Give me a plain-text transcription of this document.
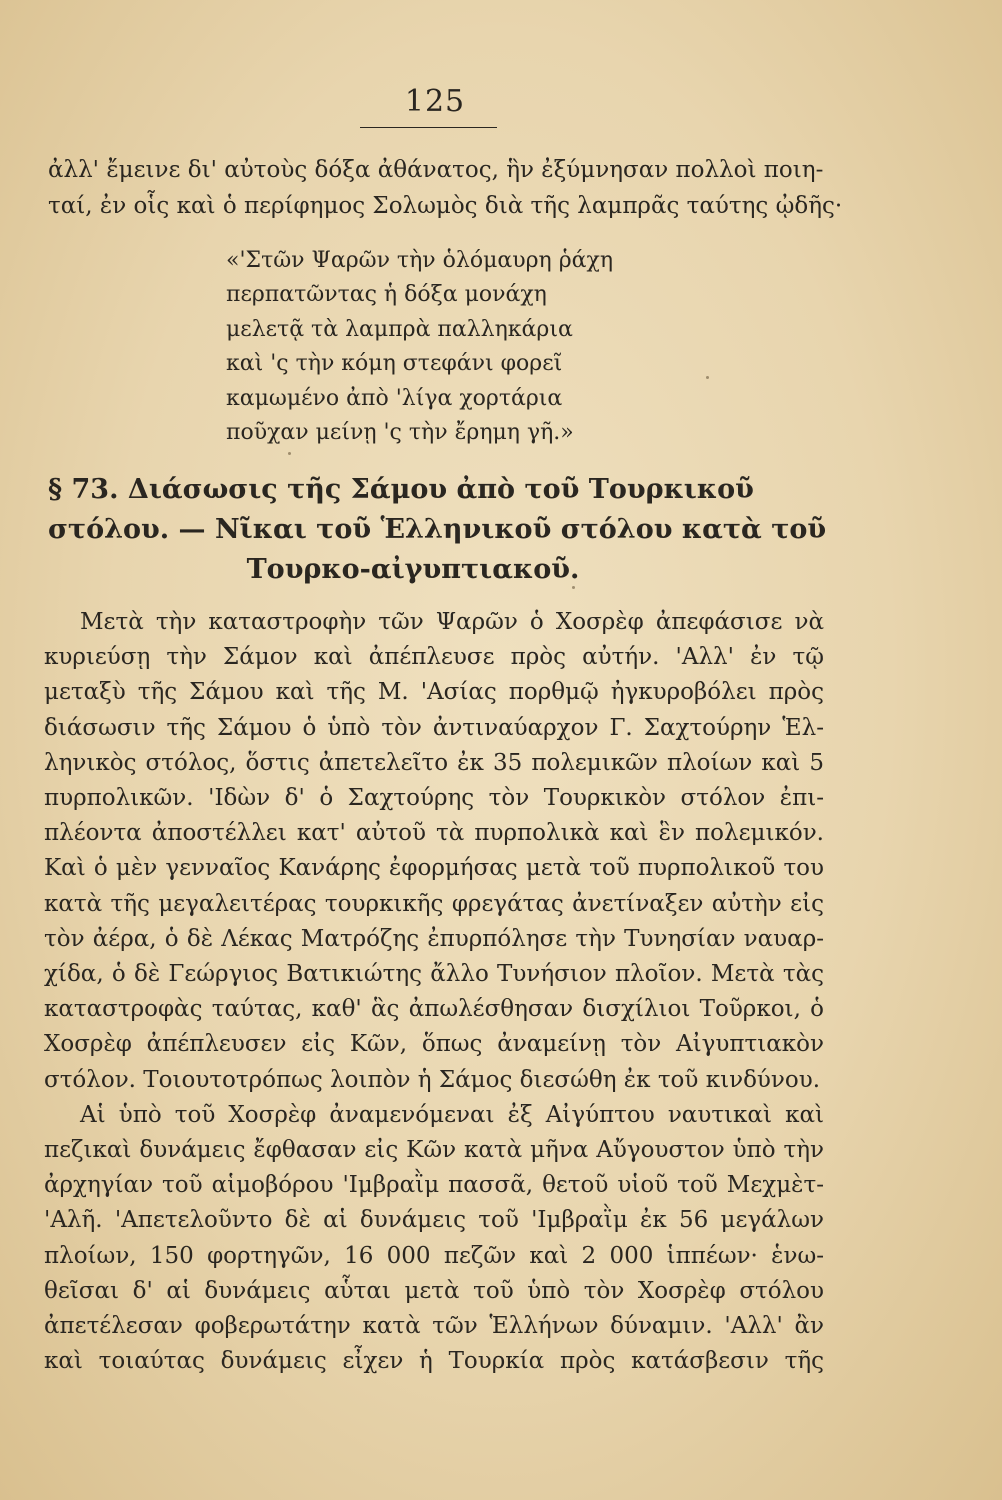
125
ἀλλ' ἔμεινε δι' αὐτοὺς δόξα ἀθάνατος, ἣν ἐξύμνησαν πολλοὶ ποιη-
ταί, ἐν οἷς καὶ ὁ περίφημος Σολωμὸς διὰ τῆς λαμπρᾶς ταύτης ᾠδῆς·
«'Στῶν Ψαρῶν τὴν ὁλόμαυρη ῥάχη
περπατῶντας ἡ δόξα μονάχη
μελετᾷ τὰ λαμπρὰ παλληκάρια
καὶ 'ς τὴν κόμη στεφάνι φορεῖ
καμωμένο ἀπὸ 'λίγα χορτάρια
ποῦχαν μείνῃ 'ς τὴν ἔρημη γῆ.»
§ 73. Διάσωσις τῆς Σάμου ἀπὸ τοῦ Τουρκικοῦ
στόλου. — Νῖκαι τοῦ Ἑλληνικοῦ στόλου κατὰ τοῦ
Τουρκο-αἰγυπτιακοῦ.
Μετὰ τὴν καταστροφὴν τῶν Ψαρῶν ὁ Χοσρὲφ ἀπεφάσισε νὰ
κυριεύσῃ τὴν Σάμον καὶ ἀπέπλευσε πρὸς αὐτήν. 'Αλλ' ἐν τῷ
μεταξὺ τῆς Σάμου καὶ τῆς Μ. 'Ασίας πορθμῷ ἠγκυροβόλει πρὸς
διάσωσιν τῆς Σάμου ὁ ὑπὸ τὸν ἀντιναύαρχον Γ. Σαχτούρην Ἑλ-
ληνικὸς στόλος, ὅστις ἀπετελεῖτο ἐκ 35 πολεμικῶν πλοίων καὶ 5
πυρπολικῶν. 'Ιδὼν δ' ὁ Σαχτούρης τὸν Τουρκικὸν στόλον ἐπι-
πλέοντα ἀποστέλλει κατ' αὐτοῦ τὰ πυρπολικὰ καὶ ἓν πολεμικόν.
Καὶ ὁ μὲν γενναῖος Κανάρης ἐφορμήσας μετὰ τοῦ πυρπολικοῦ του
κατὰ τῆς μεγαλειτέρας τουρκικῆς φρεγάτας ἀνετίναξεν αὐτὴν εἰς
τὸν ἀέρα, ὁ δὲ Λέκας Ματρόζης ἐπυρπόλησε τὴν Τυνησίαν ναυαρ-
χίδα, ὁ δὲ Γεώργιος Βατικιώτης ἄλλο Τυνήσιον πλοῖον. Μετὰ τὰς
καταστροφὰς ταύτας, καθ' ἃς ἀπωλέσθησαν δισχίλιοι Τοῦρκοι, ὁ
Χοσρὲφ ἀπέπλευσεν εἰς Κῶν, ὅπως ἀναμείνῃ τὸν Αἰγυπτιακὸν
στόλον. Τοιουτοτρόπως λοιπὸν ἡ Σάμος διεσώθη ἐκ τοῦ κινδύνου.
Αἱ ὑπὸ τοῦ Χοσρὲφ ἀναμενόμεναι ἐξ Αἰγύπτου ναυτικαὶ καὶ
πεζικαὶ δυνάμεις ἔφθασαν εἰς Κῶν κατὰ μῆνα Αὔγουστον ὑπὸ τὴν
ἀρχηγίαν τοῦ αἱμοβόρου 'Ιμβραῒμ πασσᾶ, θετοῦ υἱοῦ τοῦ Μεχμὲτ-
'Αλῆ. 'Απετελοῦντο δὲ αἱ δυνάμεις τοῦ 'Ιμβραῒμ ἐκ 56 μεγάλων
πλοίων, 150 φορτηγῶν, 16 000 πεζῶν καὶ 2 000 ἱππέων· ἑνω-
θεῖσαι δ' αἱ δυνάμεις αὗται μετὰ τοῦ ὑπὸ τὸν Χοσρὲφ στόλου
ἀπετέλεσαν φοβερωτάτην κατὰ τῶν Ἑλλήνων δύναμιν. 'Αλλ' ἂν
καὶ τοιαύτας δυνάμεις εἶχεν ἡ Τουρκία πρὸς κατάσβεσιν τῆς
